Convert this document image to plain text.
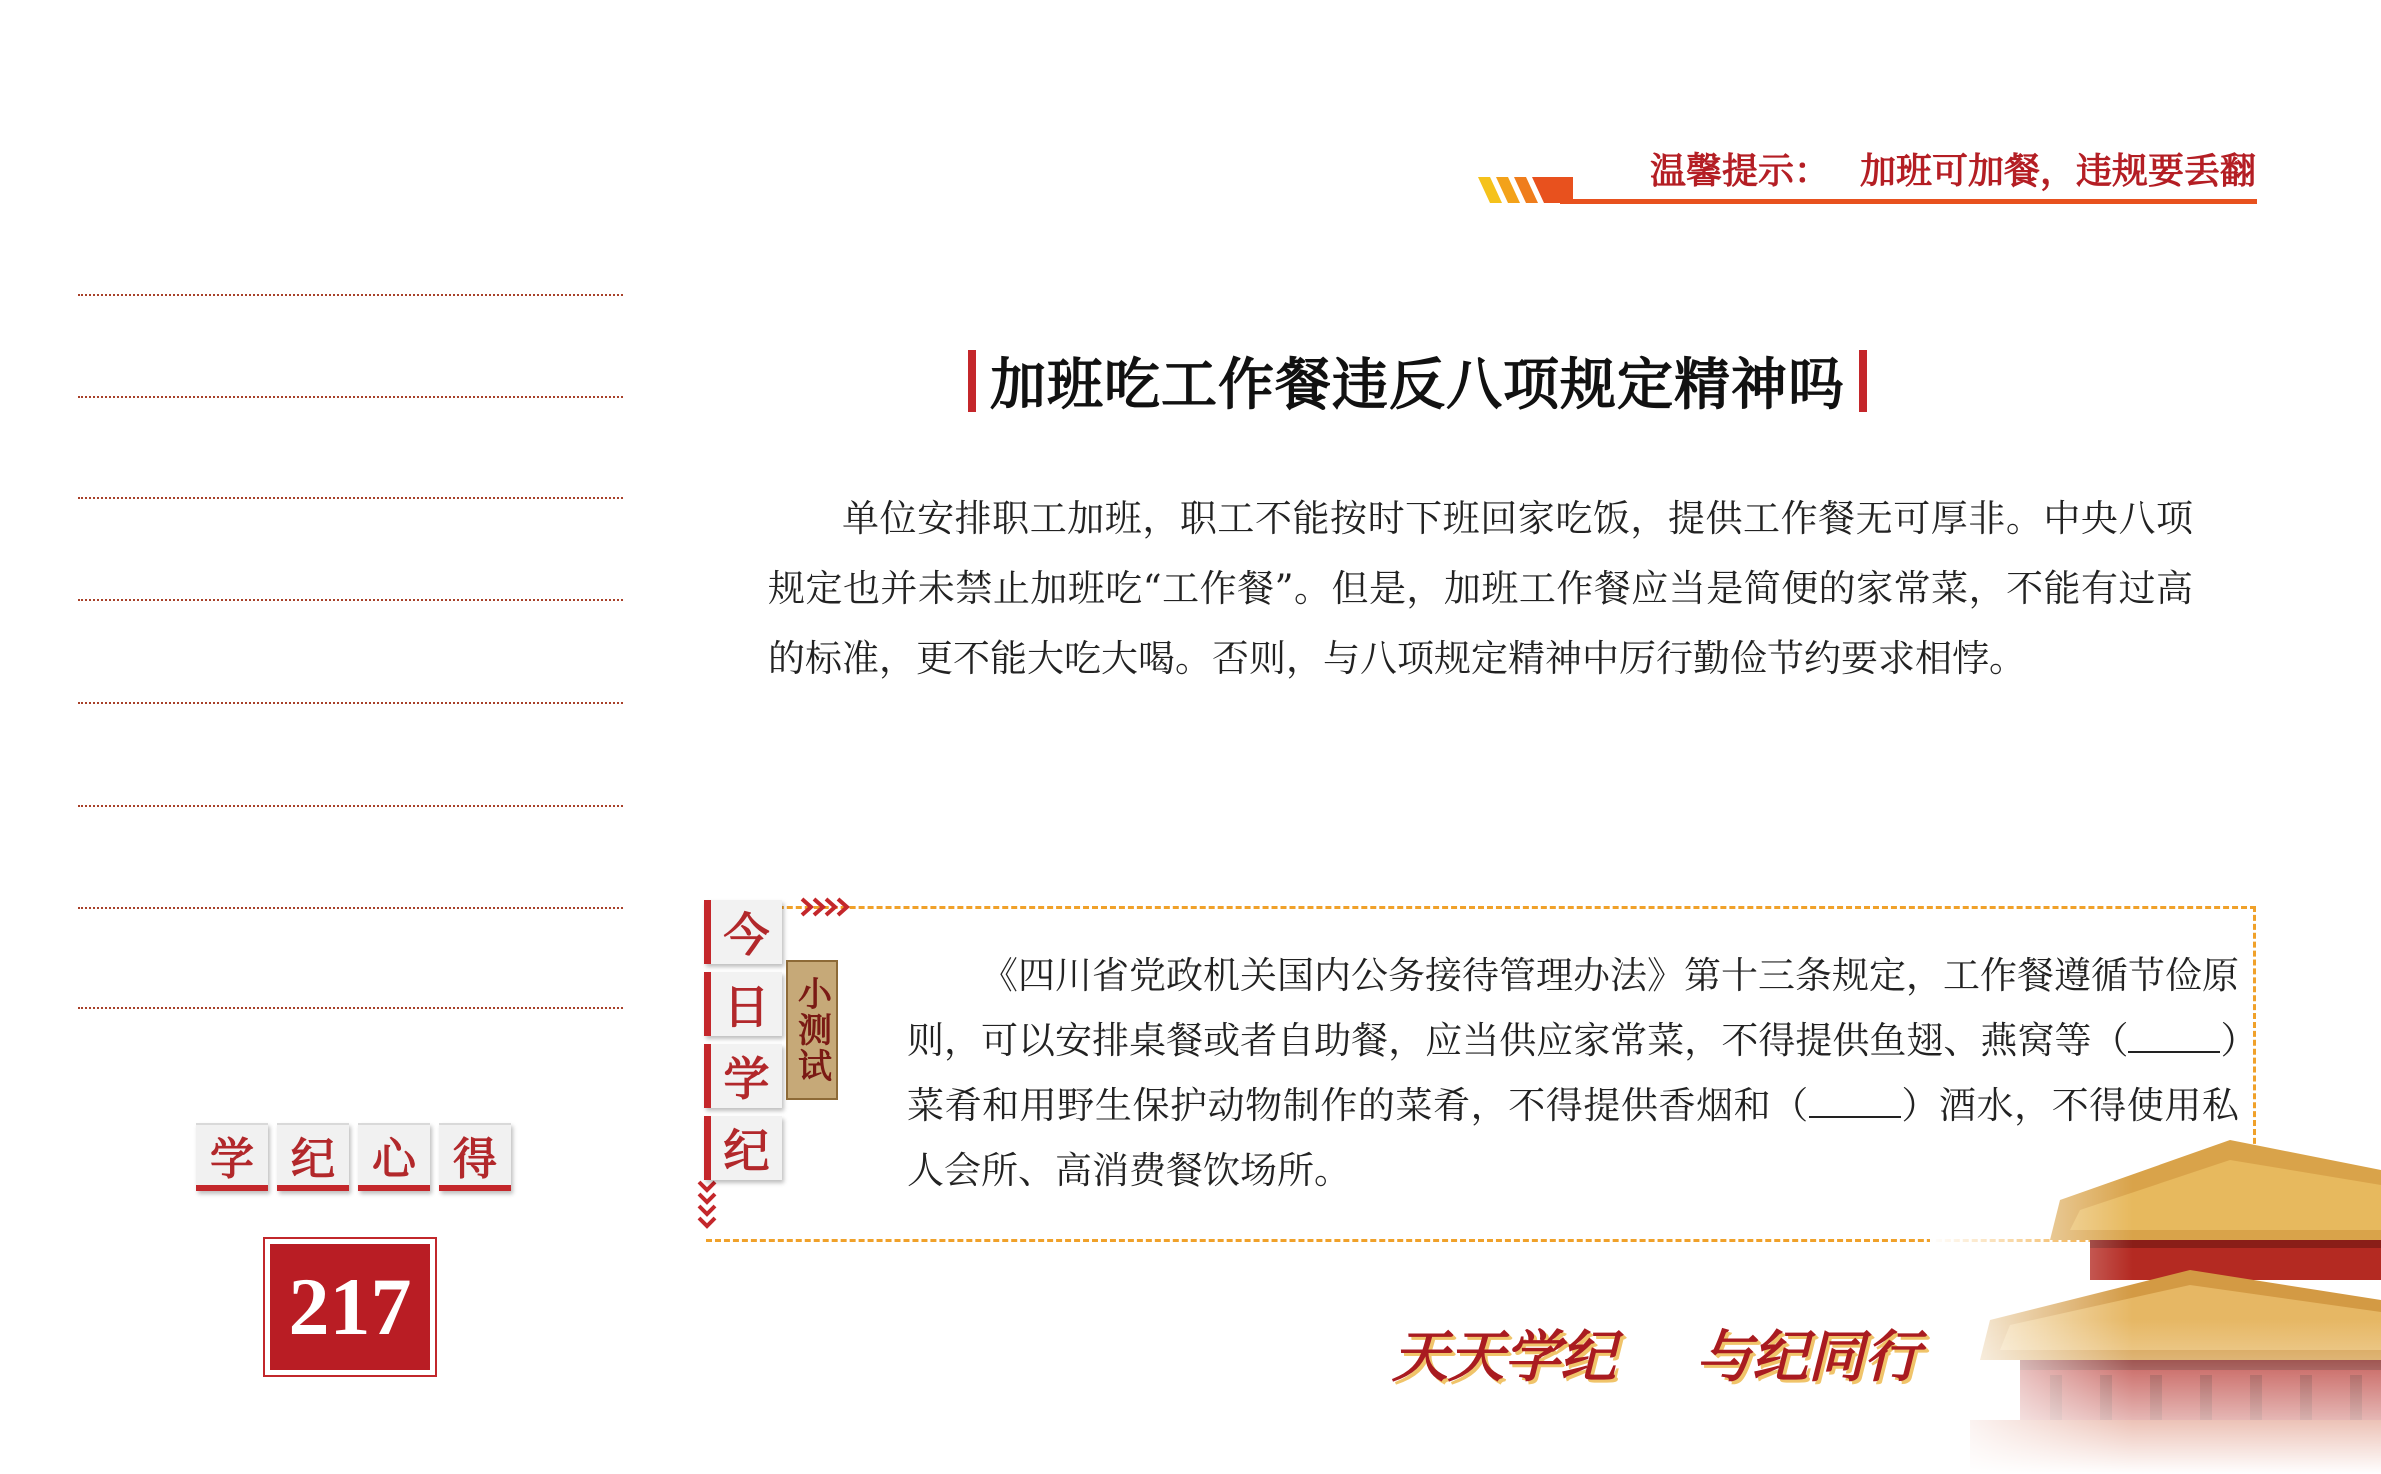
温馨提示： 加班可加餐，违规要丢翻
学 纪 心 得
217
加班吃工作餐违反八项规定精神吗

单位安排职工加班，职工不能按时下班回家吃饭，提供工作餐无可厚非。中央八项规定也并未禁止加班吃“工作餐”。但是，加班工作餐应当是简便的家常菜，不能有过高的标准，更不能大吃大喝。否则，与八项规定精神中厉行勤俭节约要求相悖。

今
日
学
纪
小测试

《四川省党政机关国内公务接待管理办法》第十三条规定，工作餐遵循节俭原则，可以安排桌餐或者自助餐，应当供应家常菜，不得提供鱼翅、燕窝等（ ）菜肴和用野生保护动物制作的菜肴，不得提供香烟和（ ）酒水，不得使用私人会所、高消费餐饮场所。

天天学纪 与纪同行
